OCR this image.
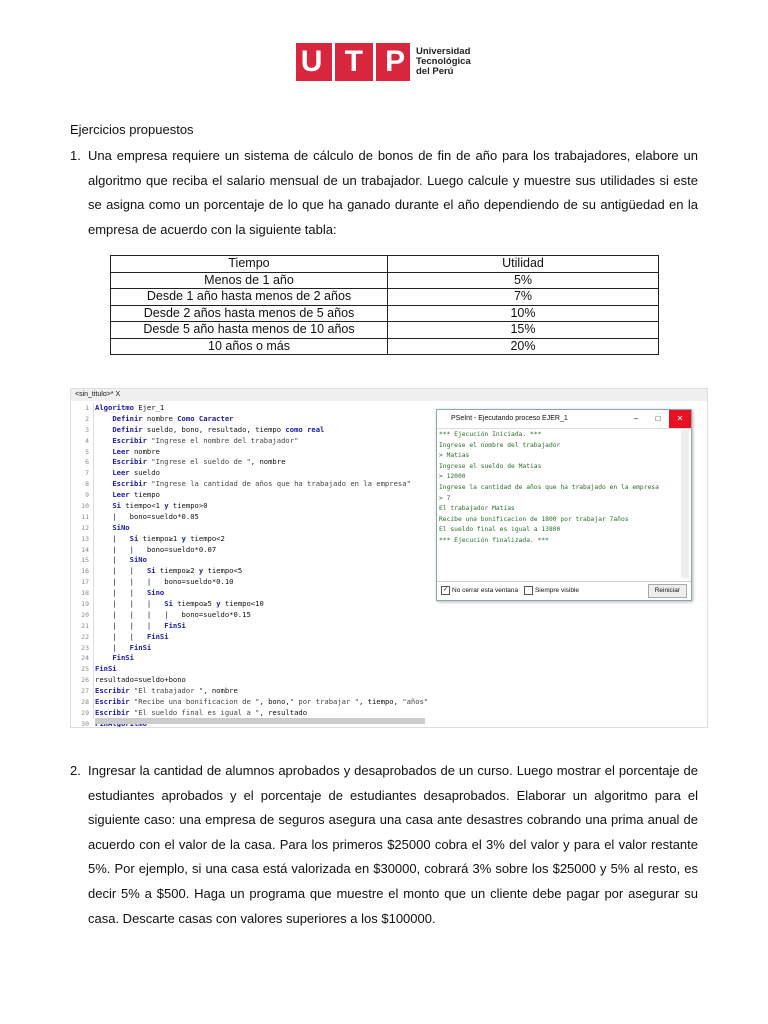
U T P Universidad
Tecnológica
del Perú
Ejercicios propuestos
1. Una empresa requiere un sistema de cálculo de bonos de fin de año para los trabajadores, elabore un algoritmo que reciba el salario mensual de un trabajador. Luego calcule y muestre sus utilidades si este se asigna como un porcentaje de lo que ha ganado durante el año dependiendo de su antigüedad en la empresa de acuerdo con la siguiente tabla:
Tiempo	Utilidad
Menos de 1 año	5%
Desde 1 año hasta menos de 2 años	7%
Desde 2 años hasta menos de 5 años	10%
Desde 5 año hasta menos de 10 años	15%
10 años o más	20%
<sin_titulo>* X
1 Algoritmo Ejer_1
2	Definir nombre Como Caracter
3	Definir sueldo, bono, resultado, tiempo como real
4	Escribir "Ingrese el nombre del trabajador"
5	Leer nombre
6	Escribir "Ingrese el sueldo de ", nombre
7	Leer sueldo
8	Escribir "Ingrese la cantidad de años que ha trabajado en la empresa"
9	Leer tiempo
10	Si tiempo<1 y tiempo>0
11 |   bono=sueldo*0.05
12	SiNo
13 |   Si tiempo≥1 y tiempo<2
14 |   |   bono=sueldo*0.07
15 |   SiNo
16 |   |   Si tiempo≥2 y tiempo<5
17 |   |   |   bono=sueldo*0.10
18 |   |   Sino
19 |   |   |   Si tiempo≥5 y tiempo<10
20 |   |   |   |   bono=sueldo*0.15
21 |   |   |   FinSi
22 |   |   FinSi
23 |   FinSi
24	FinSi
25 FinSi
26 resultado=sueldo+bono
27 Escribir "El trabajador ", nombre
28 Escribir "Recibe una bonificacion de ", bono," por trabajar ", tiempo, "años"
29 Escribir "El sueldo final es igual a ", resultado
30
PSeInt - Ejecutando proceso EJER_1	–	□	✕
*** Ejecución Iniciada. ***
Ingrese el nombre del trabajador
> Matias
Ingrese el sueldo de Matias
> 12000
Ingrese la cantidad de años que ha trabajado en la empresa
> 7
El trabajador Matias
Recibe una bonificacion de 1800 por trabajar 7años
El sueldo final es igual a 13800
*** Ejecución finalizada. ***
✓ No cerrar esta ventana	Siempre visible	Reiniciar
2. Ingresar la cantidad de alumnos aprobados y desaprobados de un curso. Luego mostrar el porcentaje de estudiantes aprobados y el porcentaje de estudiantes desaprobados. Elaborar un algoritmo para el siguiente caso: una empresa de seguros asegura una casa ante desastres cobrando una prima anual de acuerdo con el valor de la casa. Para los primeros $25000 cobra el 3% del valor y para el valor restante 5%. Por ejemplo, si una casa está valorizada en $30000, cobrará 3% sobre los $25000 y 5% al resto, es decir 5% a $500. Haga un programa que muestre el monto que un cliente debe pagar por asegurar su casa. Descarte casas con valores superiores a los $100000.
